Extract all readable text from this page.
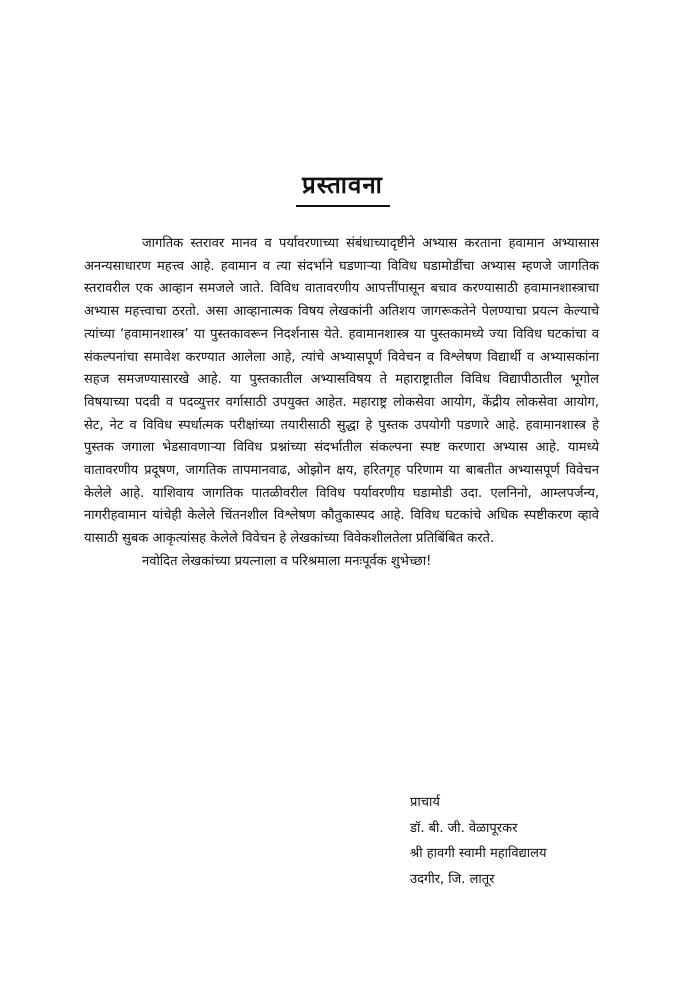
प्रस्तावना

जागतिक स्तरावर मानव व पर्यावरणाच्या संबंधाच्यादृष्टीने अभ्यास करताना हवामान अभ्यासास अनन्यसाधारण महत्त्व आहे. हवामान व त्या संदर्भाने घडणाऱ्या विविध घडामोडींचा अभ्यास म्हणजे जागतिक स्तरावरील एक आव्हान समजले जाते. विविध वातावरणीय आपत्तींपासून बचाव करण्यासाठी हवामानशास्त्राचा अभ्यास महत्त्वाचा ठरतो. असा आव्हानात्मक विषय लेखकांनी अतिशय जागरूकतेने पेलण्याचा प्रयत्न केल्याचे त्यांच्या ‘हवामानशास्त्र’ या पुस्तकावरून निदर्शनास येते. हवामानशास्त्र या पुस्तकामध्ये ज्या विविध घटकांचा व संकल्पनांचा समावेश करण्यात आलेला आहे, त्यांचे अभ्यासपूर्ण विवेचन व विश्लेषण विद्यार्थी व अभ्यासकांना सहज समजण्यासारखे आहे. या पुस्तकातील अभ्यासविषय ते महाराष्ट्रातील विविध विद्यापीठातील भूगोल विषयाच्या पदवी व पदव्युत्तर वर्गासाठी उपयुक्त आहेत. महाराष्ट्र लोकसेवा आयोग, केंद्रीय लोकसेवा आयोग, सेट, नेट व विविध स्पर्धात्मक परीक्षांच्या तयारीसाठी सुद्धा हे पुस्तक उपयोगी पडणारे आहे. हवामानशास्त्र हे पुस्तक जगाला भेडसावणाऱ्या विविध प्रश्नांच्या संदर्भातील संकल्पना स्पष्ट करणारा अभ्यास आहे. यामध्ये वातावरणीय प्रदूषण, जागतिक तापमानवाढ, ओझोन क्षय, हरितगृह परिणाम या बाबतीत अभ्यासपूर्ण विवेचन केलेले आहे. याशिवाय जागतिक पातळीवरील विविध पर्यावरणीय घडामोडी उदा. एलनिनो, आम्लपर्जन्य, नागरीहवामान यांचेही केलेले चिंतनशील विश्लेषण कौतुकास्पद आहे. विविध घटकांचे अधिक स्पष्टीकरण व्हावे यासाठी सुबक आकृत्यांसह केलेले विवेचन हे लेखकांच्या विवेकशीलतेला प्रतिबिंबित करते.

नवोदित लेखकांच्या प्रयत्नाला व परिश्रमाला मनःपूर्वक शुभेच्छा!

प्राचार्य
डॉ. बी. जी. वेळापूरकर
श्री हावगी स्वामी महाविद्यालय
उदगीर, जि. लातूर
